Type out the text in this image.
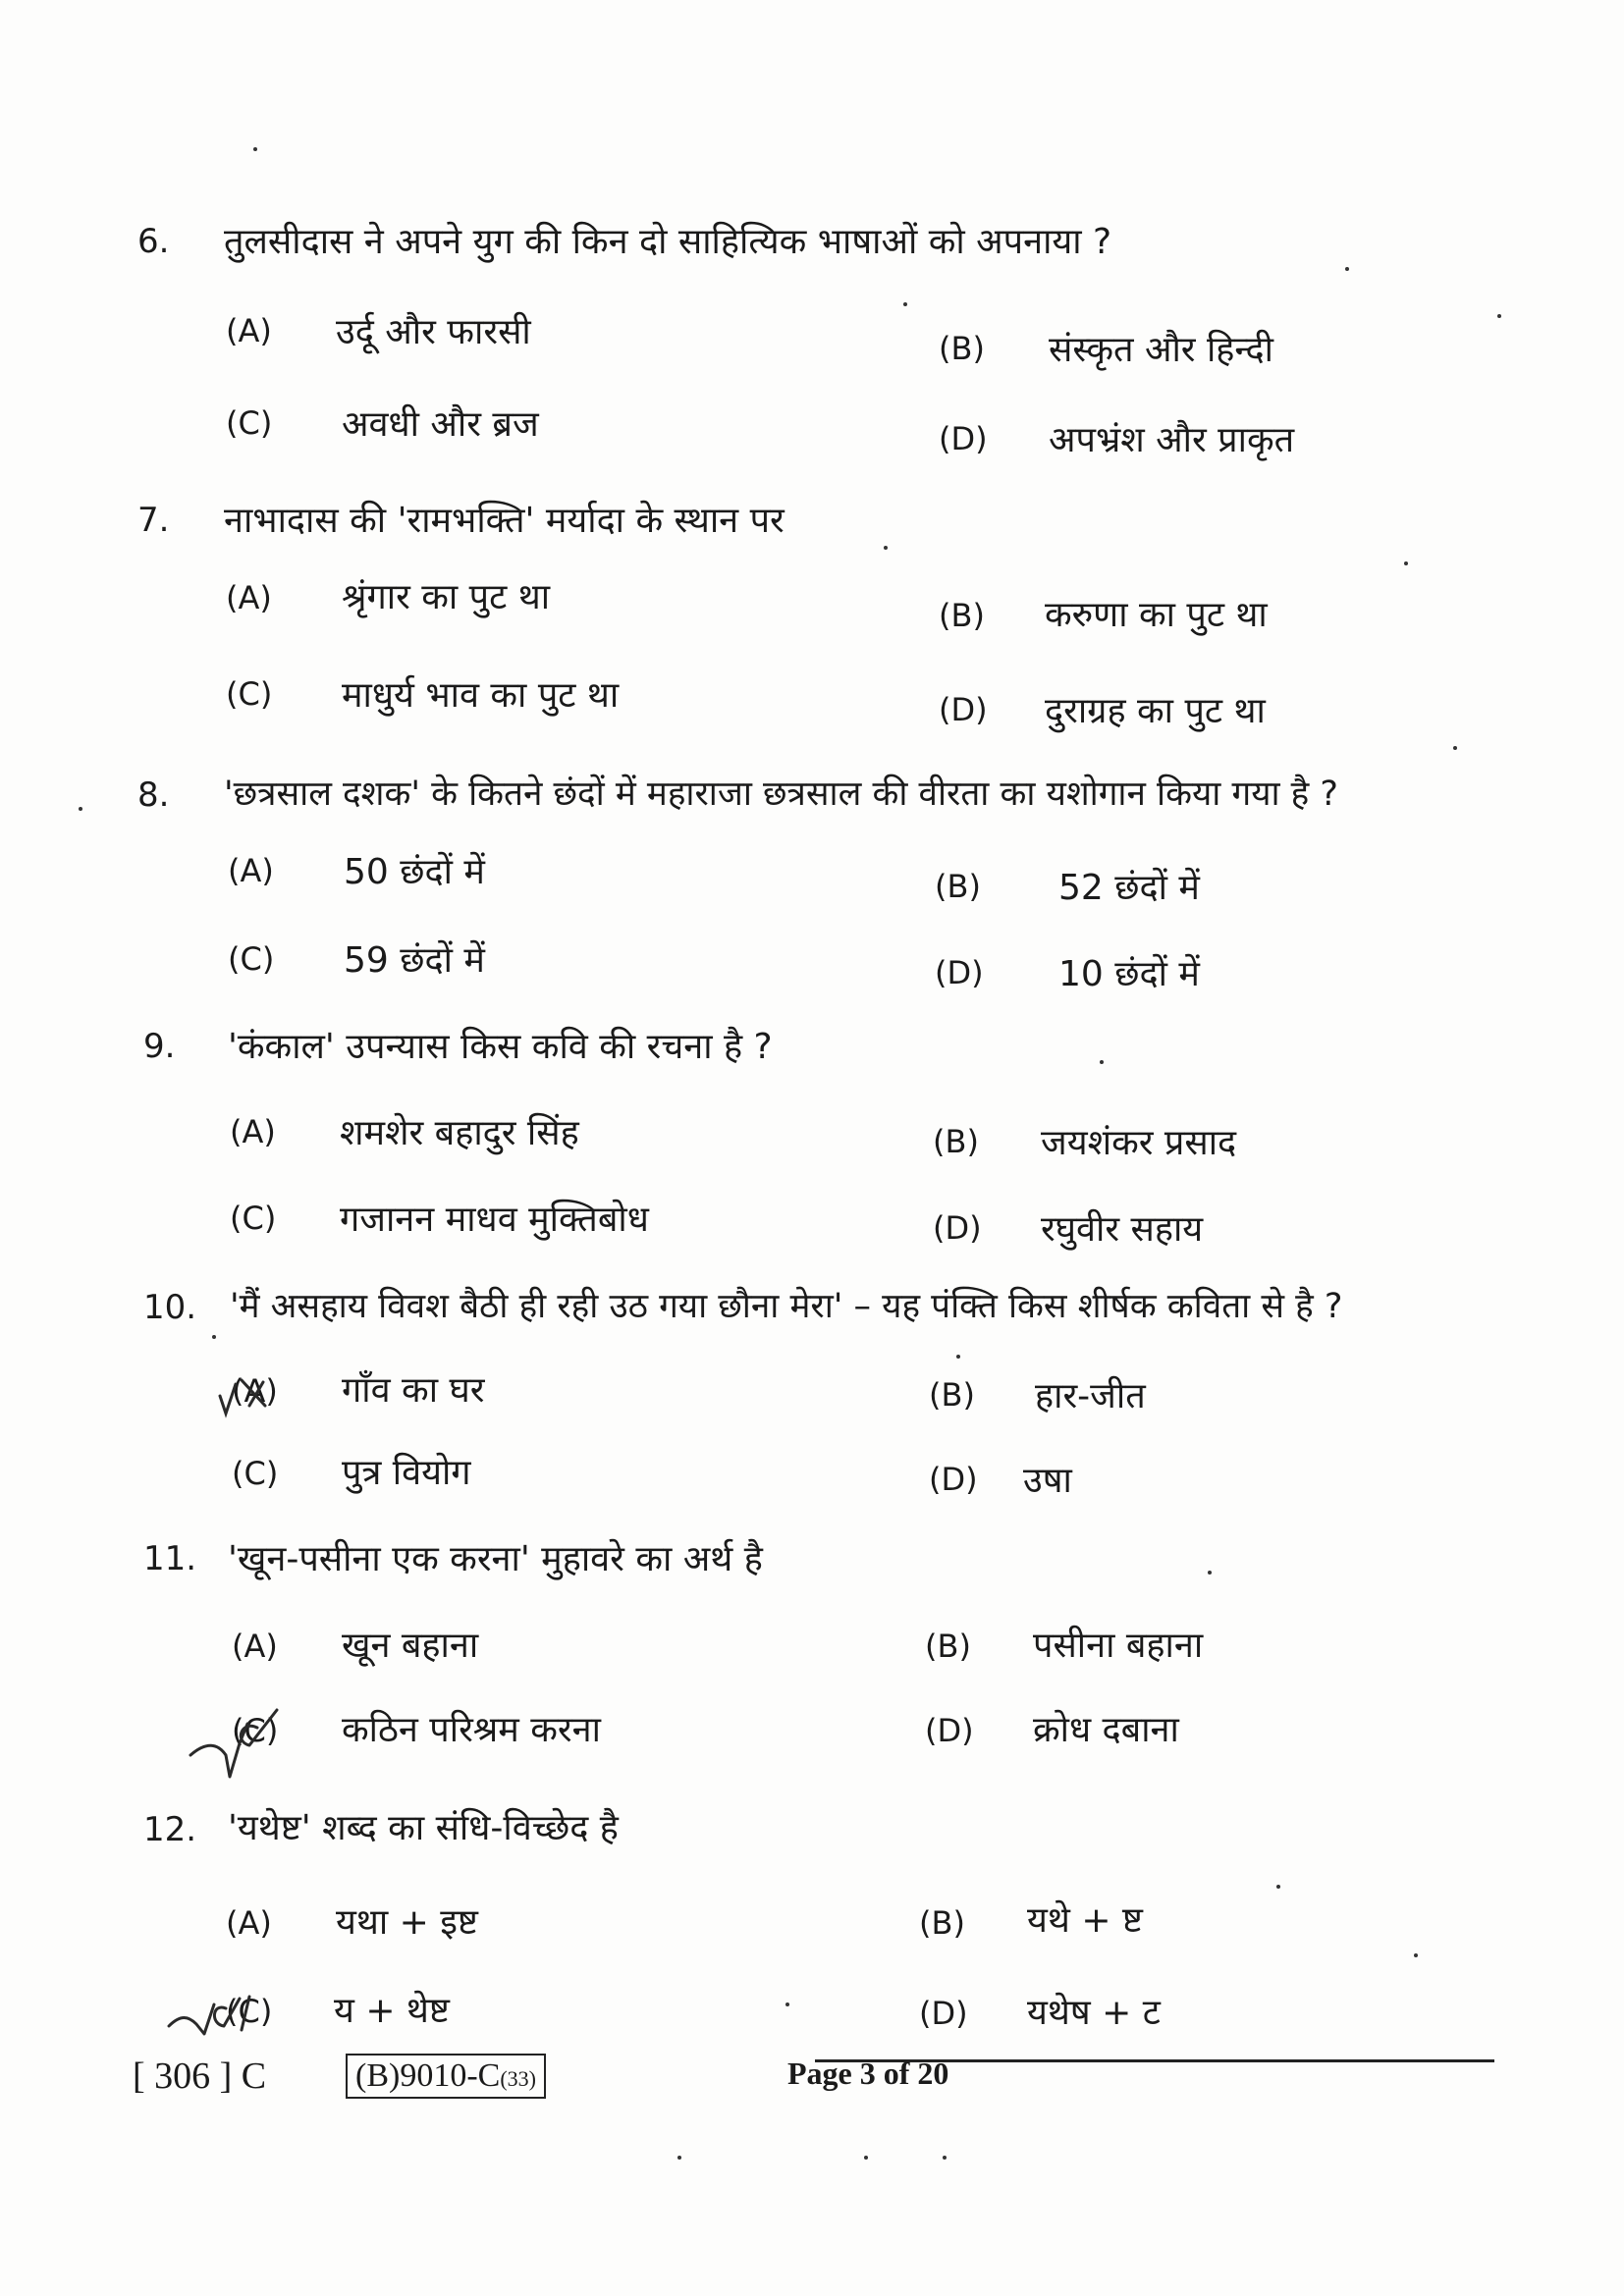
6. तुलसीदास ने अपने युग की किन दो साहित्यिक भाषाओं को अपनाया ?
(A) उर्दू और फारसी	(B) संस्कृत और हिन्दी
(C) अवधी और ब्रज	(D) अपभ्रंश और प्राकृत
7. नाभादास की 'रामभक्ति' मर्यादा के स्थान पर
(A) श्रृंगार का पुट था	(B) करुणा का पुट था
(C) माधुर्य भाव का पुट था	(D) दुराग्रह का पुट था
8. 'छत्रसाल दशक' के कितने छंदों में महाराजा छत्रसाल की वीरता का यशोगान किया गया है ?
(A) 50 छंदों में	(B) 52 छंदों में
(C) 59 छंदों में	(D) 10 छंदों में
9. 'कंकाल' उपन्यास किस कवि की रचना है ?
(A) शमशेर बहादुर सिंह	(B) जयशंकर प्रसाद
(C) गजानन माधव मुक्तिबोध	(D) रघुवीर सहाय
10. 'मैं असहाय विवश बैठी ही रही उठ गया छौना मेरा' – यह पंक्ति किस शीर्षक कविता से है ?
(A) गाँव का घर	(B) हार-जीत
(C) पुत्र वियोग	(D) उषा
11. 'खून-पसीना एक करना' मुहावरे का अर्थ है
(A) खून बहाना	(B) पसीना बहाना
(C) कठिन परिश्रम करना	(D) क्रोध दबाना
12. 'यथेष्ट' शब्द का संधि-विच्छेद है
(A) यथा + इष्ट	(B) यथे + ष्ट
(C) य + थेष्ट	(D) यथेष + ट
[ 306 ] C	(B)9010-C(33)	Page 3 of 20
